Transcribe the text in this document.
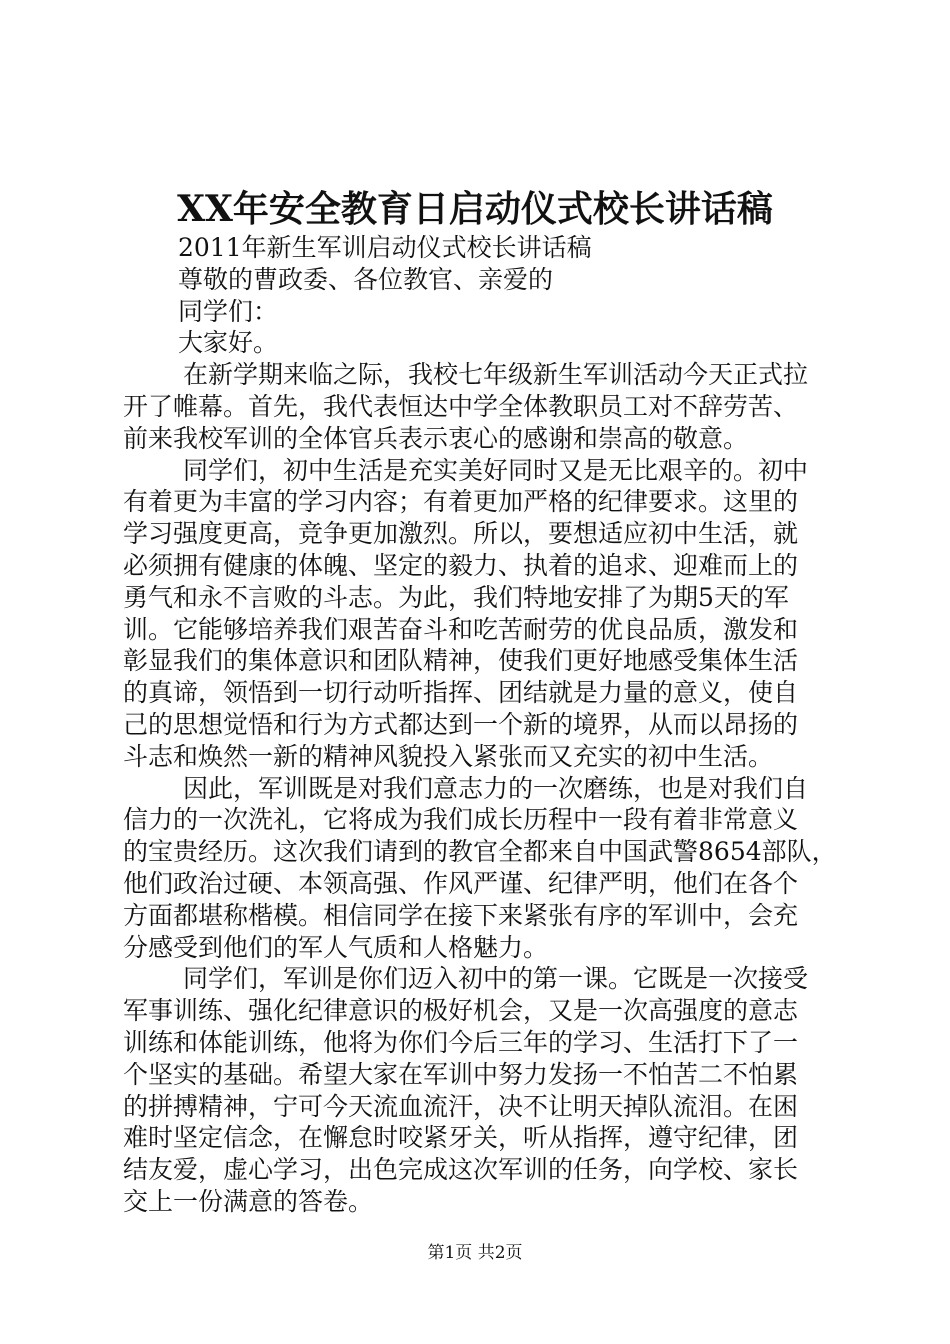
XX年安全教育日启动仪式校长讲话稿
2011年新生军训启动仪式校长讲话稿
尊敬的曹政委、各位教官、亲爱的
同学们：
大家好。
在新学期来临之际，我校七年级新生军训活动今天正式拉
开了帷幕。首先，我代表恒达中学全体教职员工对不辞劳苦、
前来我校军训的全体官兵表示衷心的感谢和崇高的敬意。
同学们，初中生活是充实美好同时又是无比艰辛的。初中
有着更为丰富的学习内容；有着更加严格的纪律要求。这里的
学习强度更高，竞争更加激烈。所以，要想适应初中生活，就
必须拥有健康的体魄、坚定的毅力、执着的追求、迎难而上的
勇气和永不言败的斗志。为此，我们特地安排了为期5天的军
训。它能够培养我们艰苦奋斗和吃苦耐劳的优良品质，激发和
彰显我们的集体意识和团队精神，使我们更好地感受集体生活
的真谛，领悟到一切行动听指挥、团结就是力量的意义，使自
己的思想觉悟和行为方式都达到一个新的境界，从而以昂扬的
斗志和焕然一新的精神风貌投入紧张而又充实的初中生活。
因此，军训既是对我们意志力的一次磨练，也是对我们自
信力的一次洗礼，它将成为我们成长历程中一段有着非常意义
的宝贵经历。这次我们请到的教官全都来自中国武警8654部队，
他们政治过硬、本领高强、作风严谨、纪律严明，他们在各个
方面都堪称楷模。相信同学在接下来紧张有序的军训中，会充
分感受到他们的军人气质和人格魅力。
同学们，军训是你们迈入初中的第一课。它既是一次接受
军事训练、强化纪律意识的极好机会，又是一次高强度的意志
训练和体能训练，他将为你们今后三年的学习、生活打下了一
个坚实的基础。希望大家在军训中努力发扬一不怕苦二不怕累
的拼搏精神，宁可今天流血流汗，决不让明天掉队流泪。在困
难时坚定信念，在懈怠时咬紧牙关，听从指挥，遵守纪律，团
结友爱，虚心学习，出色完成这次军训的任务，向学校、家长
交上一份满意的答卷。
第1页 共2页
